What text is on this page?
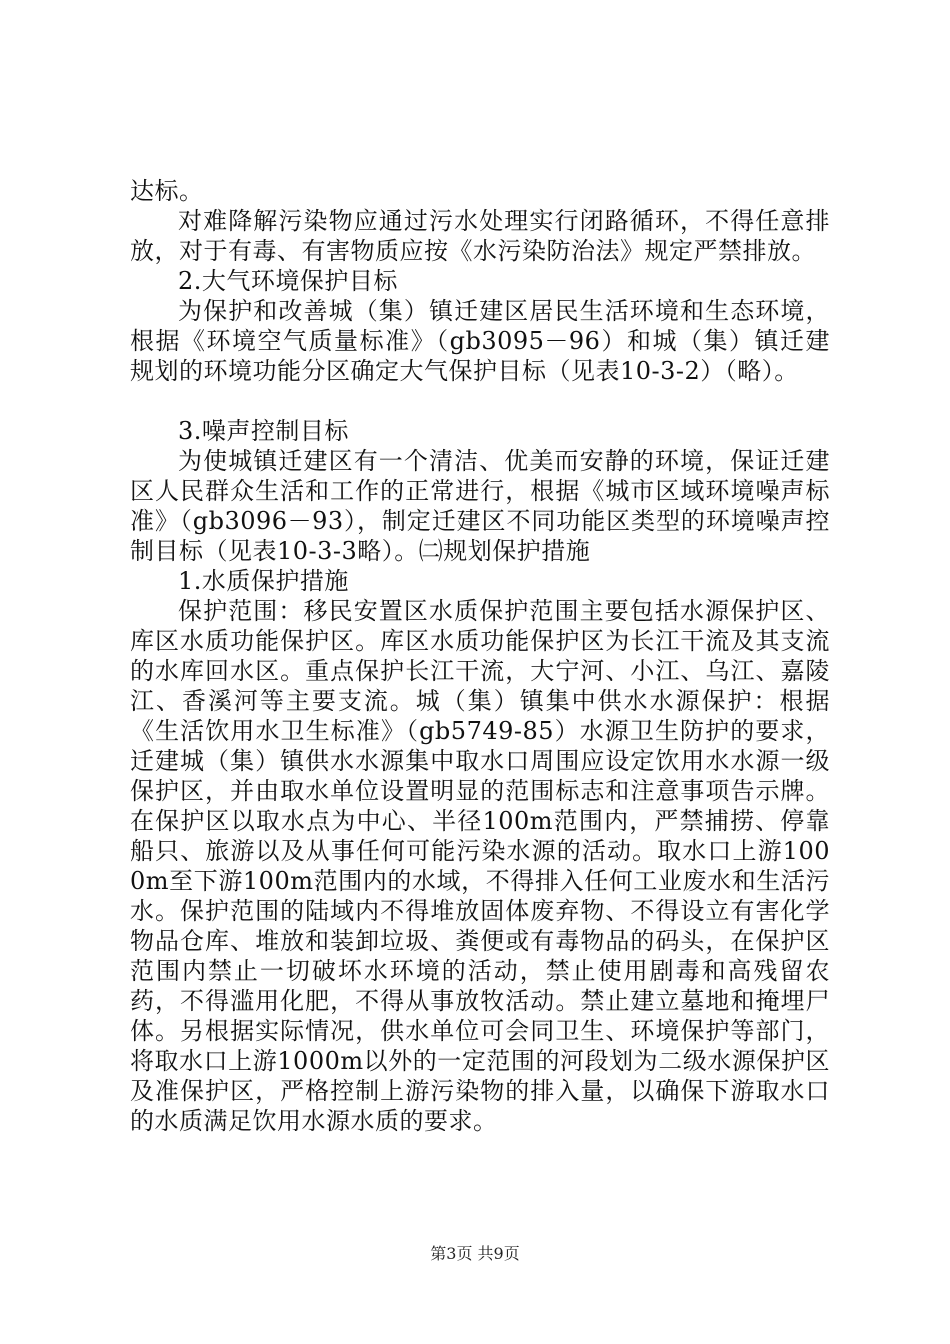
达标。

对难降解污染物应通过污水处理实行闭路循环，不得任意排放，对于有毒、有害物质应按《水污染防治法》规定严禁排放。

2.大气环境保护目标

为保护和改善城（集）镇迁建区居民生活环境和生态环境，根据《环境空气质量标准》（gb3095－96）和城（集）镇迁建规划的环境功能分区确定大气保护目标（见表10-3-2）（略）。

3.噪声控制目标

为使城镇迁建区有一个清洁、优美而安静的环境，保证迁建区人民群众生活和工作的正常进行，根据《城市区域环境噪声标准》（gb3096－93），制定迁建区不同功能区类型的环境噪声控制目标（见表10-3-3略）。㈡规划保护措施

1.水质保护措施

保护范围：移民安置区水质保护范围主要包括水源保护区、库区水质功能保护区。库区水质功能保护区为长江干流及其支流的水库回水区。重点保护长江干流，大宁河、小江、乌江、嘉陵江、香溪河等主要支流。城（集）镇集中供水水源保护：根据《生活饮用水卫生标准》（gb5749-85）水源卫生防护的要求，迁建城（集）镇供水水源集中取水口周围应设定饮用水水源一级保护区，并由取水单位设置明显的范围标志和注意事项告示牌。在保护区以取水点为中心、半径100m范围内，严禁捕捞、停靠船只、旅游以及从事任何可能污染水源的活动。取水口上游1000m至下游100m范围内的水域，不得排入任何工业废水和生活污水。保护范围的陆域内不得堆放固体废弃物、不得设立有害化学物品仓库、堆放和装卸垃圾、粪便或有毒物品的码头，在保护区范围内禁止一切破坏水环境的活动，禁止使用剧毒和高残留农药，不得滥用化肥，不得从事放牧活动。禁止建立墓地和掩埋尸体。另根据实际情况，供水单位可会同卫生、环境保护等部门，将取水口上游1000m以外的一定范围的河段划为二级水源保护区及准保护区，严格控制上游污染物的排入量，以确保下游取水口的水质满足饮用水源水质的要求。

第3页 共9页
